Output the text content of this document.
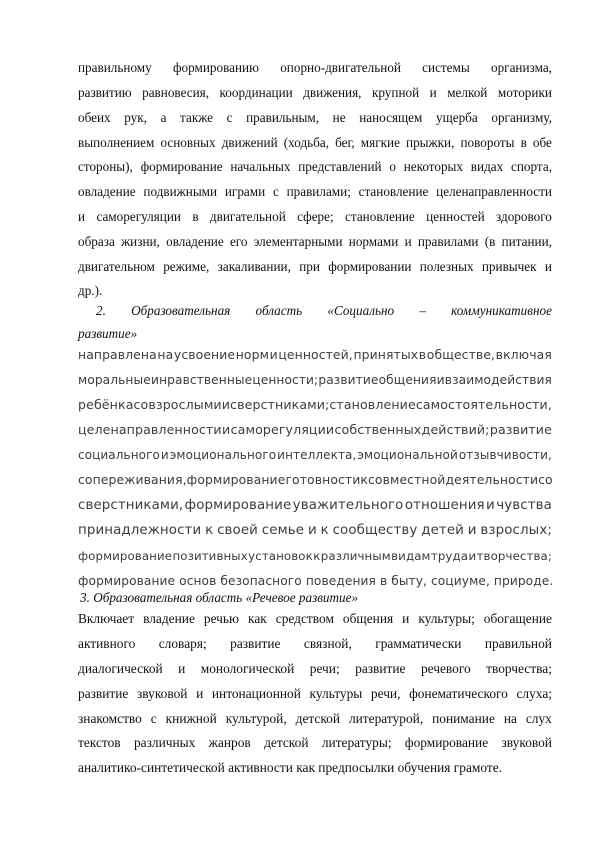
правильному формированию опорно-двигательной системы организма,
развитию равновесия, координации движения, крупной и мелкой моторики
обеих рук, а также с правильным, не наносящем ущерба организму,
выполнением основных движений (ходьба, бег, мягкие прыжки, повороты в обе
стороны), формирование начальных представлений о некоторых видах спорта,
овладение подвижными играми с правилами; становление целенаправленности
и саморегуляции в двигательной сфере; становление ценностей здорового
образа жизни, овладение его элементарными нормами и правилами (в питании,
двигательном режиме, закаливании, при формировании полезных привычек и
др.).
2. Образовательная область «Социально – коммуникативное
развитие»
направлена на усвоение норм и ценностей, принятых в обществе, включая
моральные и нравственные ценности; развитие общения и взаимодействия
ребёнка со взрослыми и сверстниками; становление самостоятельности,
целенаправленности и саморегуляции собственных действий; развитие
социального и эмоционального интеллекта, эмоциональной отзывчивости,
сопереживания, формирование готовности к совместной деятельности со
сверстниками, формирование уважительного отношения и чувства
принадлежности к своей семье и к сообществу детей и взрослых;
формирование позитивных установок к различным видам труда и творчества;
формирование основ безопасного поведения в быту, социуме, природе.
3. Образовательная область «Речевое развитие»
Включает владение речью как средством общения и культуры; обогащение
активного словаря; развитие связной, грамматически правильной
диалогической и монологической речи; развитие речевого творчества;
развитие звуковой и интонационной культуры речи, фонематического слуха;
знакомство с книжной культурой, детской литературой, понимание на слух
текстов различных жанров детской литературы; формирование звуковой
аналитико-синтетической активности как предпосылки обучения грамоте.
